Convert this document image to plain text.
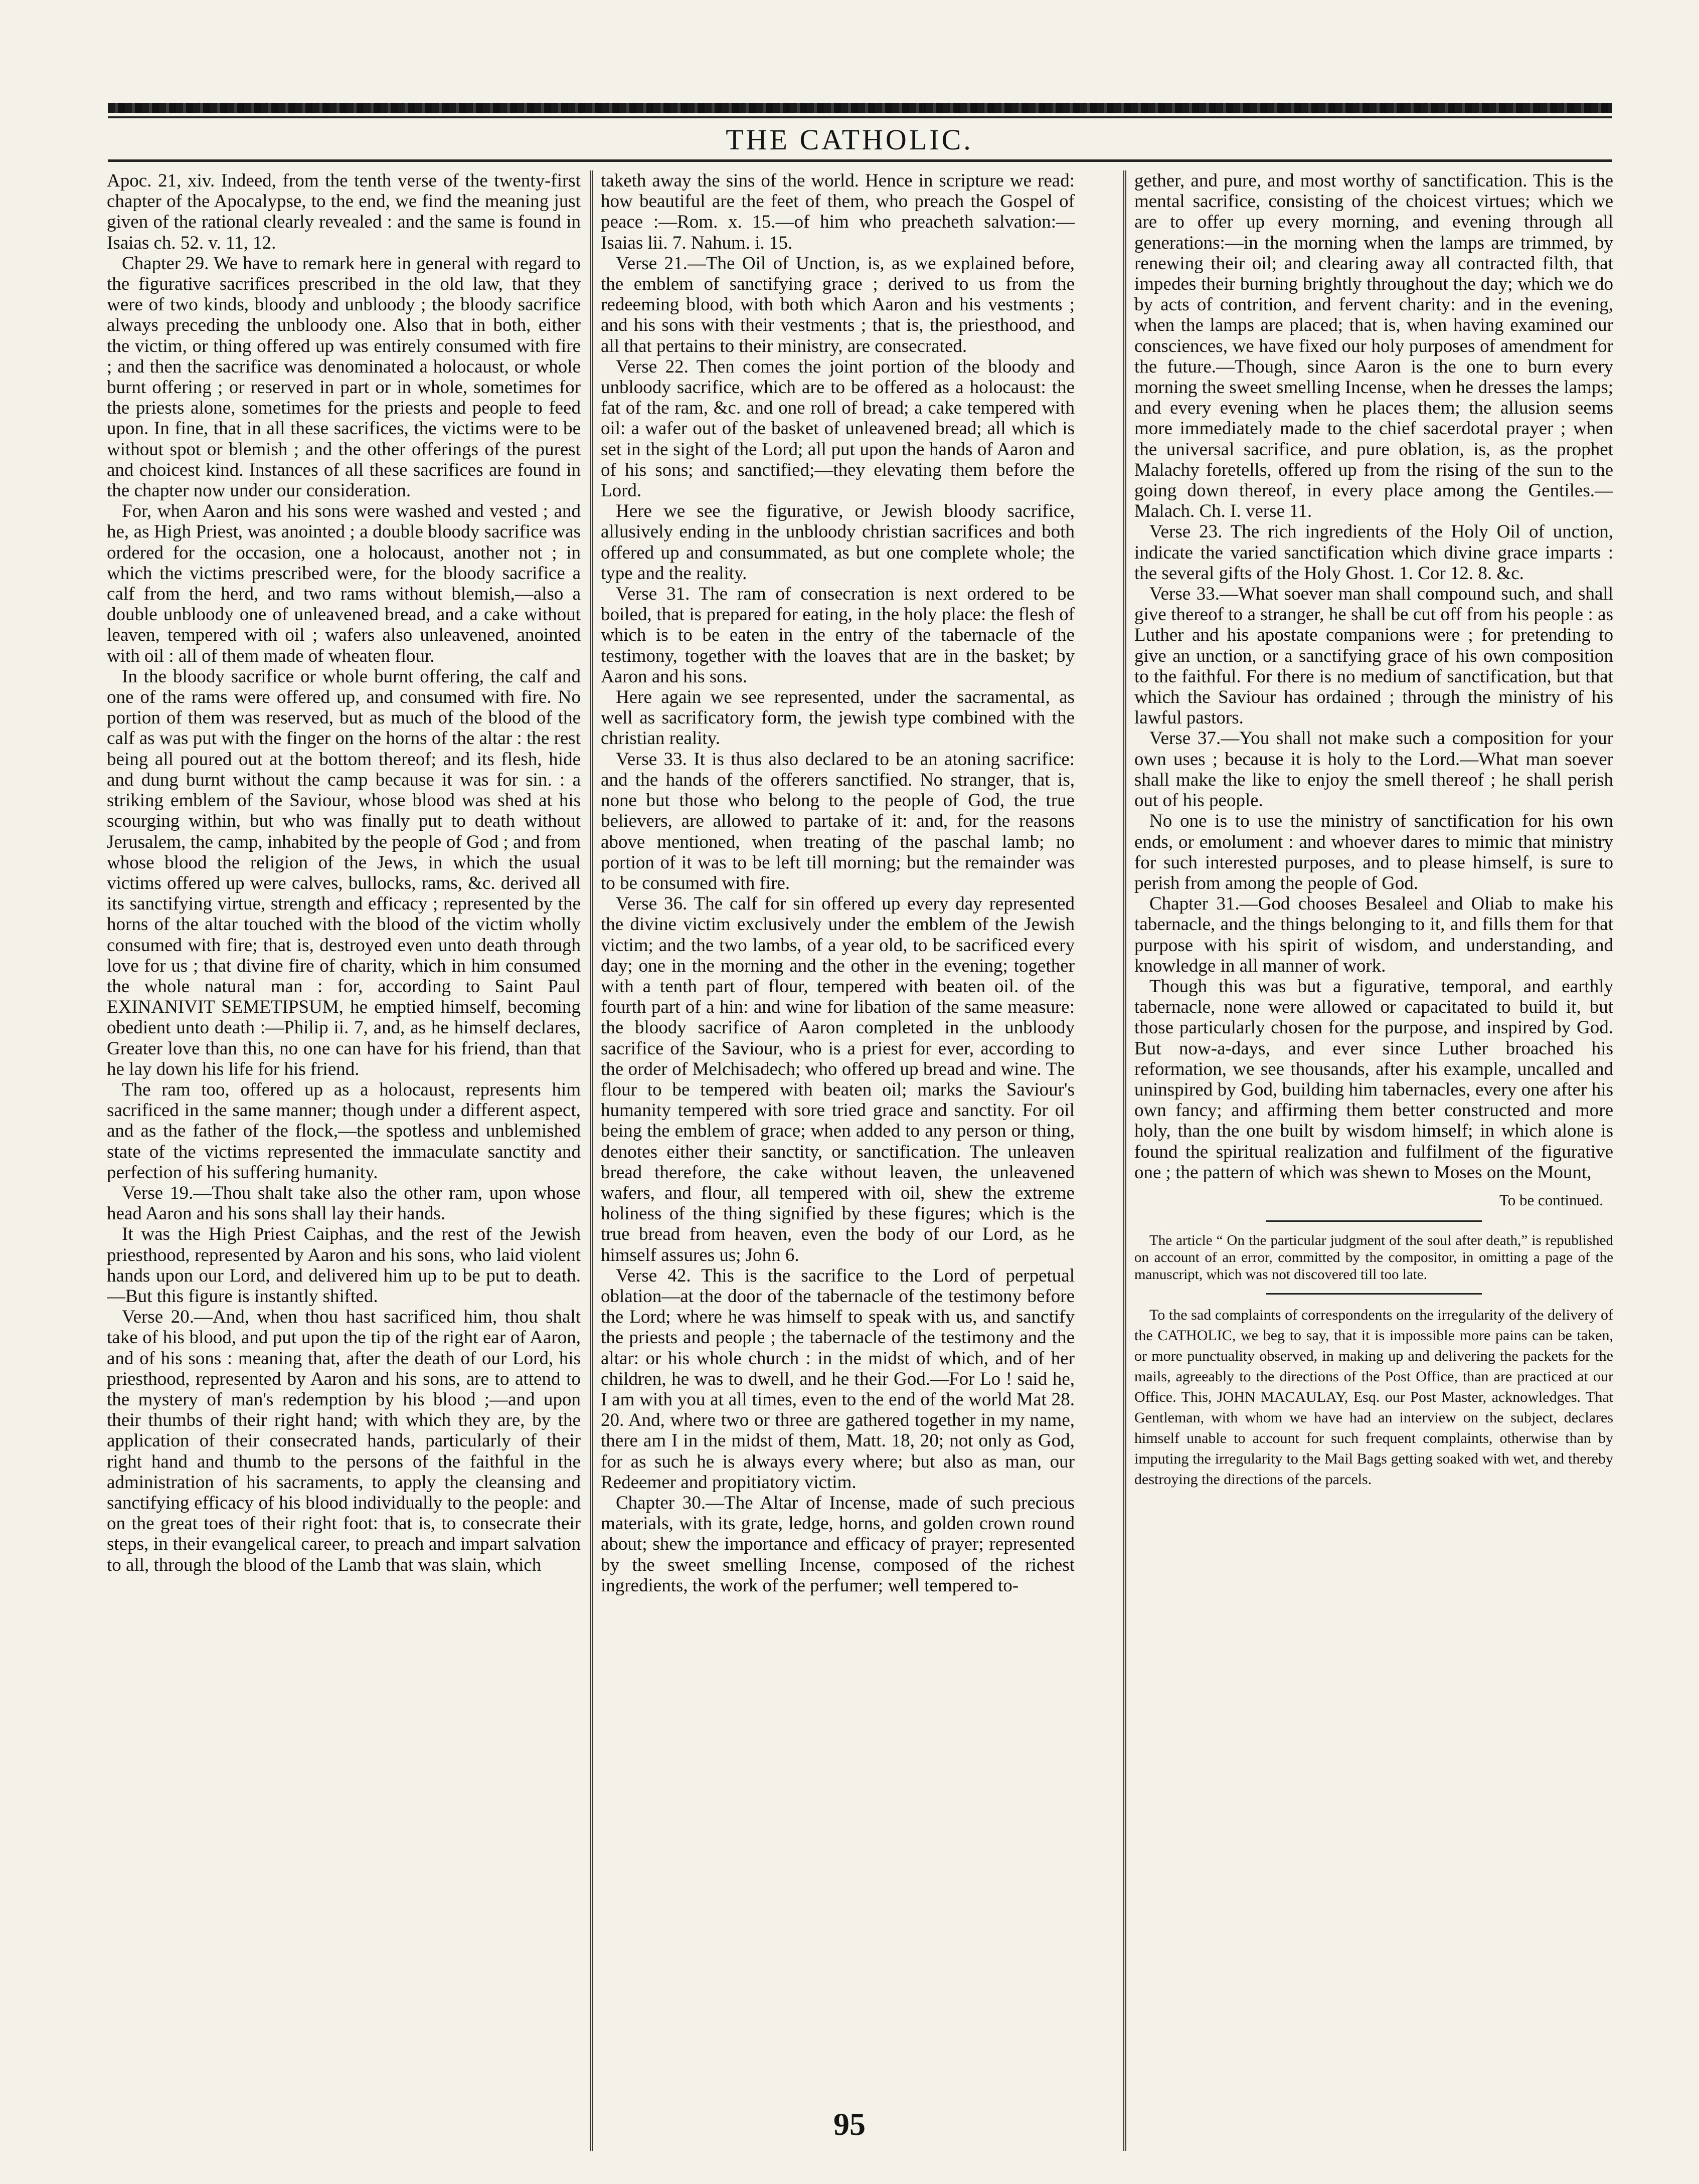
THE CATHOLIC.

Apoc. 21, xiv. Indeed, from the tenth verse of the twenty-first chapter of the Apocalypse, to the end, we find the meaning just given of the rational clearly revealed : and the same is found in Isaias ch. 52. v. 11, 12.

Chapter 29. We have to remark here in general with regard to the figurative sacrifices prescribed in the old law, that they were of two kinds, bloody and unbloody ; the bloody sacrifice always preceding the unbloody one. Also that in both, either the victim, or thing offered up was entirely consumed with fire ; and then the sacrifice was denominated a holocaust, or whole burnt offering ; or reserved in part or in whole, sometimes for the priests alone, sometimes for the priests and people to feed upon. In fine, that in all these sacrifices, the victims were to be without spot or blemish ; and the other offerings of the purest and choicest kind. Instances of all these sacrifices are found in the chapter now under our consideration.

For, when Aaron and his sons were washed and vested ; and he, as High Priest, was anointed ; a double bloody sacrifice was ordered for the occasion, one a holocaust, another not ; in which the victims prescribed were, for the bloody sacrifice a calf from the herd, and two rams without blemish,—also a double unbloody one of unleavened bread, and a cake without leaven, tempered with oil ; wafers also unleavened, anointed with oil : all of them made of wheaten flour.

In the bloody sacrifice or whole burnt offering, the calf and one of the rams were offered up, and consumed with fire. No portion of them was reserved, but as much of the blood of the calf as was put with the finger on the horns of the altar : the rest being all poured out at the bottom thereof; and its flesh, hide and dung burnt without the camp because it was for sin. : a striking emblem of the Saviour, whose blood was shed at his scourging within, but who was finally put to death without Jerusalem, the camp, inhabited by the people of God ; and from whose blood the religion of the Jews, in which the usual victims offered up were calves, bullocks, rams, &c. derived all its sanctifying virtue, strength and efficacy ; represented by the horns of the altar touched with the blood of the victim wholly consumed with fire; that is, destroyed even unto death through love for us ; that divine fire of charity, which in him consumed the whole natural man : for, according to Saint Paul EXINANIVIT SEMETIPSUM, he emptied himself, becoming obedient unto death :—Philip ii. 7, and, as he himself declares, Greater love than this, no one can have for his friend, than that he lay down his life for his friend.

The ram too, offered up as a holocaust, represents him sacrificed in the same manner; though under a different aspect, and as the father of the flock,—the spotless and unblemished state of the victims represented the immaculate sanctity and perfection of his suffering humanity.

Verse 19.—Thou shalt take also the other ram, upon whose head Aaron and his sons shall lay their hands.

It was the High Priest Caiphas, and the rest of the Jewish priesthood, represented by Aaron and his sons, who laid violent hands upon our Lord, and delivered him up to be put to death.—But this figure is instantly shifted.

Verse 20.—And, when thou hast sacrificed him, thou shalt take of his blood, and put upon the tip of the right ear of Aaron, and of his sons : meaning that, after the death of our Lord, his priesthood, represented by Aaron and his sons, are to attend to the mystery of man's redemption by his blood ;—and upon their thumbs of their right hand; with which they are, by the application of their consecrated hands, particularly of their right hand and thumb to the persons of the faithful in the administration of his sacraments, to apply the cleansing and sanctifying efficacy of his blood individually to the people: and on the great toes of their right foot: that is, to consecrate their steps, in their evangelical career, to preach and impart salvation to all, through the blood of the Lamb that was slain, which

taketh away the sins of the world. Hence in scripture we read: how beautiful are the feet of them, who preach the Gospel of peace :—Rom. x. 15.—of him who preacheth salvation:—Isaias lii. 7. Nahum. i. 15.

Verse 21.—The Oil of Unction, is, as we explained before, the emblem of sanctifying grace ; derived to us from the redeeming blood, with both which Aaron and his vestments ; and his sons with their vestments ; that is, the priesthood, and all that pertains to their ministry, are consecrated.

Verse 22. Then comes the joint portion of the bloody and unbloody sacrifice, which are to be offered as a holocaust: the fat of the ram, &c. and one roll of bread; a cake tempered with oil: a wafer out of the basket of unleavened bread; all which is set in the sight of the Lord; all put upon the hands of Aaron and of his sons; and sanctified;—they elevating them before the Lord.

Here we see the figurative, or Jewish bloody sacrifice, allusively ending in the unbloody christian sacrifices and both offered up and consummated, as but one complete whole; the type and the reality.

Verse 31. The ram of consecration is next ordered to be boiled, that is prepared for eating, in the holy place: the flesh of which is to be eaten in the entry of the tabernacle of the testimony, together with the loaves that are in the basket; by Aaron and his sons.

Here again we see represented, under the sacramental, as well as sacrificatory form, the jewish type combined with the christian reality.

Verse 33. It is thus also declared to be an atoning sacrifice: and the hands of the offerers sanctified. No stranger, that is, none but those who belong to the people of God, the true believers, are allowed to partake of it: and, for the reasons above mentioned, when treating of the paschal lamb; no portion of it was to be left till morning; but the remainder was to be consumed with fire.

Verse 36. The calf for sin offered up every day represented the divine victim exclusively under the emblem of the Jewish victim; and the two lambs, of a year old, to be sacrificed every day; one in the morning and the other in the evening; together with a tenth part of flour, tempered with beaten oil. of the fourth part of a hin: and wine for libation of the same measure: the bloody sacrifice of Aaron completed in the unbloody sacrifice of the Saviour, who is a priest for ever, according to the order of Melchisadech; who offered up bread and wine. The flour to be tempered with beaten oil; marks the Saviour's humanity tempered with sore tried grace and sanctity. For oil being the emblem of grace; when added to any person or thing, denotes either their sanctity, or sanctification. The unleaven bread therefore, the cake without leaven, the unleavened wafers, and flour, all tempered with oil, shew the extreme holiness of the thing signified by these figures; which is the true bread from heaven, even the body of our Lord, as he himself assures us; John 6.

Verse 42. This is the sacrifice to the Lord of perpetual oblation—at the door of the tabernacle of the testimony before the Lord; where he was himself to speak with us, and sanctify the priests and people ; the tabernacle of the testimony and the altar: or his whole church : in the midst of which, and of her children, he was to dwell, and he their God.—For Lo ! said he, I am with you at all times, even to the end of the world Mat 28. 20. And, where two or three are gathered together in my name, there am I in the midst of them, Matt. 18, 20; not only as God, for as such he is always every where; but also as man, our Redeemer and propitiatory victim.

Chapter 30.—The Altar of Incense, made of such precious materials, with its grate, ledge, horns, and golden crown round about; shew the importance and efficacy of prayer; represented by the sweet smelling Incense, composed of the richest ingredients, the work of the perfumer; well tempered to-

gether, and pure, and most worthy of sanctification. This is the mental sacrifice, consisting of the choicest virtues; which we are to offer up every morning, and evening through all generations:—in the morning when the lamps are trimmed, by renewing their oil; and clearing away all contracted filth, that impedes their burning brightly throughout the day; which we do by acts of contrition, and fervent charity: and in the evening, when the lamps are placed; that is, when having examined our consciences, we have fixed our holy purposes of amendment for the future.—Though, since Aaron is the one to burn every morning the sweet smelling Incense, when he dresses the lamps; and every evening when he places them; the allusion seems more immediately made to the chief sacerdotal prayer ; when the universal sacrifice, and pure oblation, is, as the prophet Malachy foretells, offered up from the rising of the sun to the going down thereof, in every place among the Gentiles.—Malach. Ch. I. verse 11.

Verse 23. The rich ingredients of the Holy Oil of unction, indicate the varied sanctification which divine grace imparts : the several gifts of the Holy Ghost. 1. Cor 12. 8. &c.

Verse 33.—What soever man shall compound such, and shall give thereof to a stranger, he shall be cut off from his people : as Luther and his apostate companions were ; for pretending to give an unction, or a sanctifying grace of his own composition to the faithful. For there is no medium of sanctification, but that which the Saviour has ordained ; through the ministry of his lawful pastors.

Verse 37.—You shall not make such a composition for your own uses ; because it is holy to the Lord.—What man soever shall make the like to enjoy the smell thereof ; he shall perish out of his people.

No one is to use the ministry of sanctification for his own ends, or emolument : and whoever dares to mimic that ministry for such interested purposes, and to please himself, is sure to perish from among the people of God.

Chapter 31.—God chooses Besaleel and Oliab to make his tabernacle, and the things belonging to it, and fills them for that purpose with his spirit of wisdom, and understanding, and knowledge in all manner of work.

Though this was but a figurative, temporal, and earthly tabernacle, none were allowed or capacitated to build it, but those particularly chosen for the purpose, and inspired by God. But now-a-days, and ever since Luther broached his reformation, we see thousands, after his example, uncalled and uninspired by God, building him tabernacles, every one after his own fancy; and affirming them better constructed and more holy, than the one built by wisdom himself; in which alone is found the spiritual realization and fulfilment of the figurative one ; the pattern of which was shewn to Moses on the Mount,

To be continued.

The article “ On the particular judgment of the soul after death,” is republished on account of an error, committed by the compositor, in omitting a page of the manuscript, which was not discovered till too late.

To the sad complaints of correspondents on the irregularity of the delivery of the CATHOLIC, we beg to say, that it is impossible more pains can be taken, or more punctuality observed, in making up and delivering the packets for the mails, agreeably to the directions of the Post Office, than are practiced at our Office. This, JOHN MACAULAY, Esq. our Post Master, acknowledges. That Gentleman, with whom we have had an interview on the subject, declares himself unable to account for such frequent complaints, otherwise than by imputing the irregularity to the Mail Bags getting soaked with wet, and thereby destroying the directions of the parcels.

95
